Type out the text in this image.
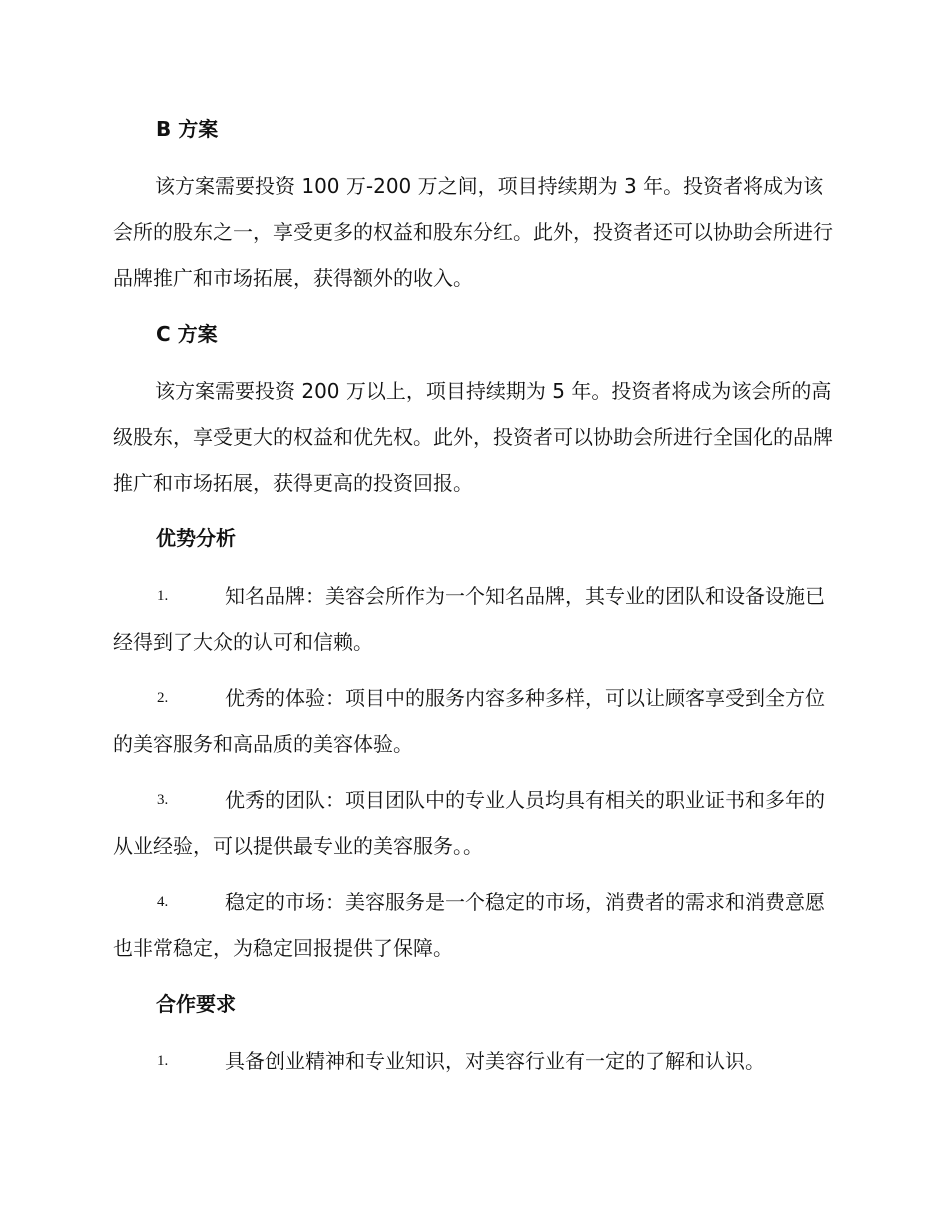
B 方案
该方案需要投资 100 万-200 万之间，项目持续期为 3 年。投资者将成为该会所的股东之一，享受更多的权益和股东分红。此外，投资者还可以协助会所进行品牌推广和市场拓展，获得额外的收入。
C 方案
该方案需要投资 200 万以上，项目持续期为 5 年。投资者将成为该会所的高级股东，享受更大的权益和优先权。此外，投资者可以协助会所进行全国化的品牌推广和市场拓展，获得更高的投资回报。
优势分析
1.	知名品牌：美容会所作为一个知名品牌，其专业的团队和设备设施已经得到了大众的认可和信赖。
2.	优秀的体验：项目中的服务内容多种多样，可以让顾客享受到全方位的美容服务和高品质的美容体验。
3.	优秀的团队：项目团队中的专业人员均具有相关的职业证书和多年的从业经验，可以提供最专业的美容服务。。
4.	稳定的市场：美容服务是一个稳定的市场，消费者的需求和消费意愿也非常稳定，为稳定回报提供了保障。
合作要求
1.	具备创业精神和专业知识，对美容行业有一定的了解和认识。
